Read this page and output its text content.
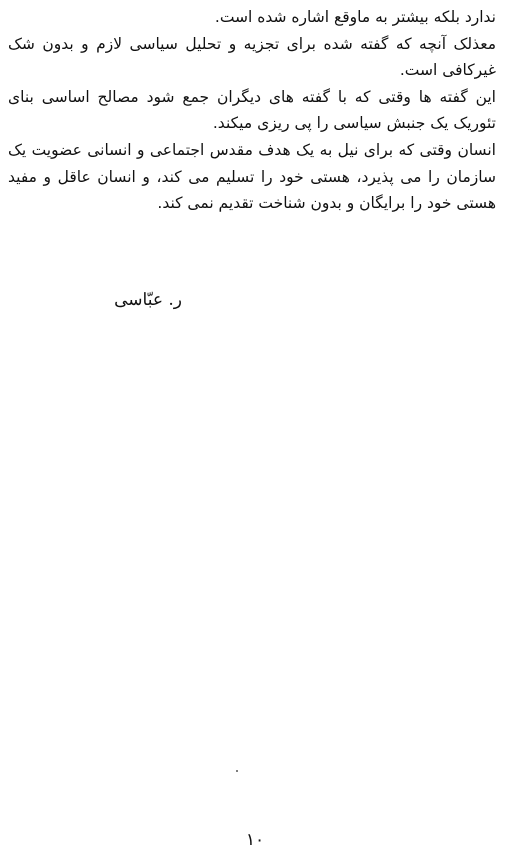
ندارد بلکه بیشتر به ماوقع اشاره شده است.

معذلک آنچه که گفته شده برای تجزیه و تحلیل سیاسی لازم و بدون شک غیرکافی است.

این گفته ها وقتی که با گفته های دیگران جمع شود مصالح اساسی بنای تئوریک یک جنبش سیاسی را پی ریزی میکند.

انسان وقتی که برای نیل به یک هدف مقدس اجتماعی و انسانی عضویت یک سازمان را می پذیرد، هستی خود را تسلیم می کند، و انسان عاقل و مفید هستی خود را برایگان و بدون شناخت تقدیم نمی کند.

ر. عبّاسی
۱۰
